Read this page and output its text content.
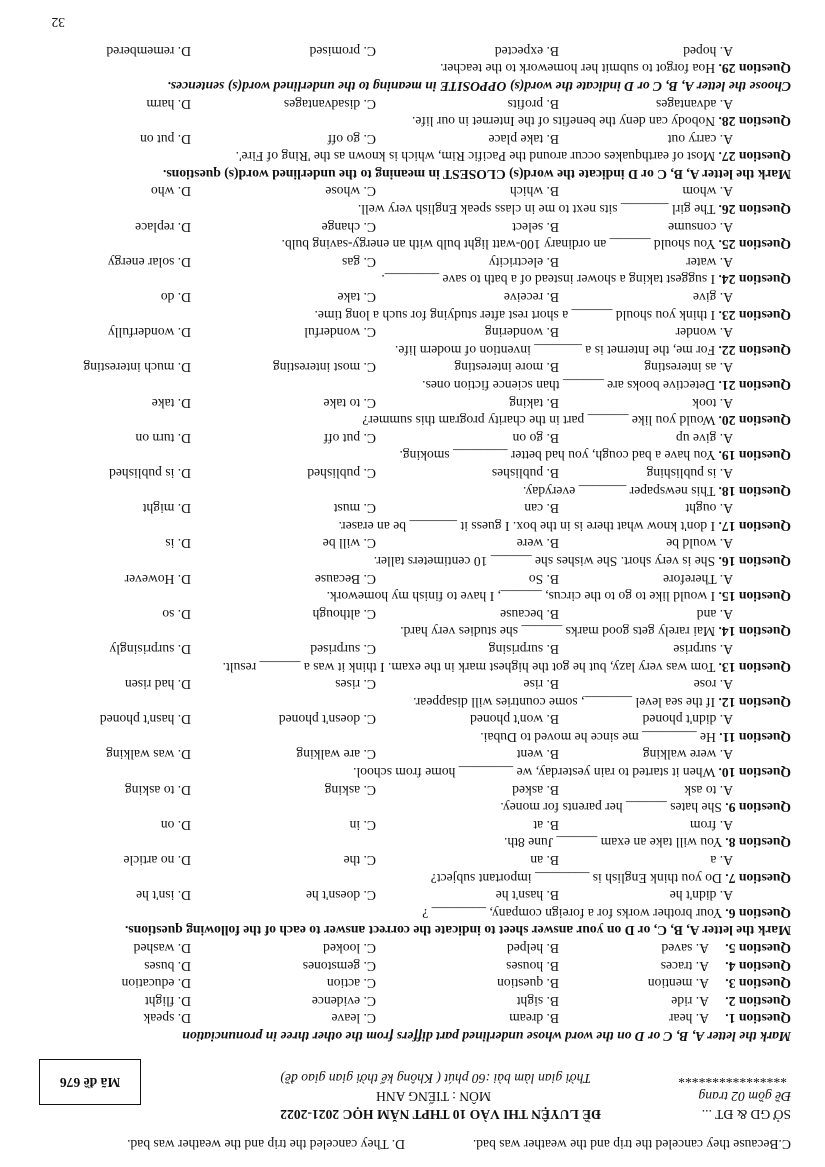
C.Because they canceled the trip and the weather was bad.
D. They canceled the trip and the weather was bad.
SỞ GD & ĐT ...
Đề gồm 02 trang
****************
ĐỀ LUYỆN THI VÀO 10 THPT NĂM HỌC 2021-2022
MÔN : TIẾNG ANH
Thời gian làm bài :60 phút ( Không kể thời gian giao đề)
Mã đề 676
Mark the letter A, B, C or D on the word whose underlined part differs from the other three in pronunciation
Question 1.
A. hear
B. dream
C. leave
D. speak
Question 2.
A. ride
B. sight
C. evidence
D. flight
Question 3.
A. mention
B. question
C. action
D. education
Question 4.
A. traces
B. houses
C. gemstones
D. buses
Question 5.
A. saved
B. helped
C. looked
D. washed
Mark the letter A, B, C, or D on your answer sheet to indicate the correct answer to each of the following questions.
Question 6. Your brother works for a foreign company, ________ ?
A. didn't he
B. hasn't he
C. doesn't he
D. isn't he
Question 7. Do you think English is ________ important subject?
A. a
B. an
C. the
D. no article
Question 8. You will take an exam ______ June 8th.
A. from
B. at
C. in
D. on
Question 9. She hates ______ her parents for money.
A. to ask
B. asked
C. asking
D. to asking
Question 10. When it started to rain yesterday, we ________ home from school.
A. were walking
B. went
C. are walking
D. was walking
Question 11. He ________ me since he moved to Dubai.
A. didn't phoned
B. won't phoned
C. doesn't phoned
D. hasn't phoned
Question 12. If the sea level _______, some countries will disappear.
A. rose
B. rise
C. rises
D. had risen
Question 13. Tom was very lazy, but he got the highest mark in the exam. I think it was a ______ result.
A. surprise
B. surprising
C. surprised
D. surprisingly
Question 14. Mai rarely gets good marks ______ she studies very hard.
A. and
B. because
C. although
D. so
Question 15. I would like to go to the circus, ______, I have to finish my homework.
A. Therefore
B. So
C. Because
D. However
Question 16. She is very short. She wishes she ______ 10 centimeters taller.
A. would be
B. were
C. will be
D. is
Question 17. I don't know what there is in the box. I guess it _______ be an eraser.
A. ought
B. can
C. must
D. might
Question 18. This newspaper _______ everyday.
A. is publishing
B. publishes
C. published
D. is published
Question 19. You have a bad cough, you had better ________ smoking.
A. give up
B. go on
C. put off
D. turn on
Question 20. Would you like ______ part in the charity program this summer?
A. took
B. taking
C. to take
D. take
Question 21. Detective books are ______ than science fiction ones.
A. as interesting
B. more interesting
C. most interesting
D. much interesting
Question 22. For me, the Internet is a _______ invention of modern life.
A. wonder
B. wondering
C. wonderful
D. wonderfully
Question 23. I think you should ______ a short rest after studying for such a long time.
A. give
B. receive
C. take
D. do
Question 24. I suggest taking a shower instead of a bath to save ________.
A. water
B. electricity
C. gas
D. solar energy
Question 25. You should ______ an ordinary 100-watt light bulb with an energy-saving bulb.
A. consume
B. select
C. change
D. replace
Question 26. The girl _______ sits next to me in class speak English very well.
A. whom
B. which
C. whose
D. who
Mark the letter A, B, C or D indicate the word(s) CLOSEST in meaning to the underlined word(s) questions.
Question 27. Most of earthquakes occur around the Pacific Rim, which is known as the 'Ring of Fire'.
A. carry out
B. take place
C. go off
D. put on
Question 28. Nobody can deny the benefits of the Internet in our life.
A. advantages
B. profits
C. disadvantages
D. harm
Choose the letter A, B, C or D indicate the word(s) OPPOSITE in meaning to the underlined word(s) sentences.
Question 29. Hoa forgot to submit her homework to the teacher.
A. hoped
B. expected
C. promised
D. remembered
32
